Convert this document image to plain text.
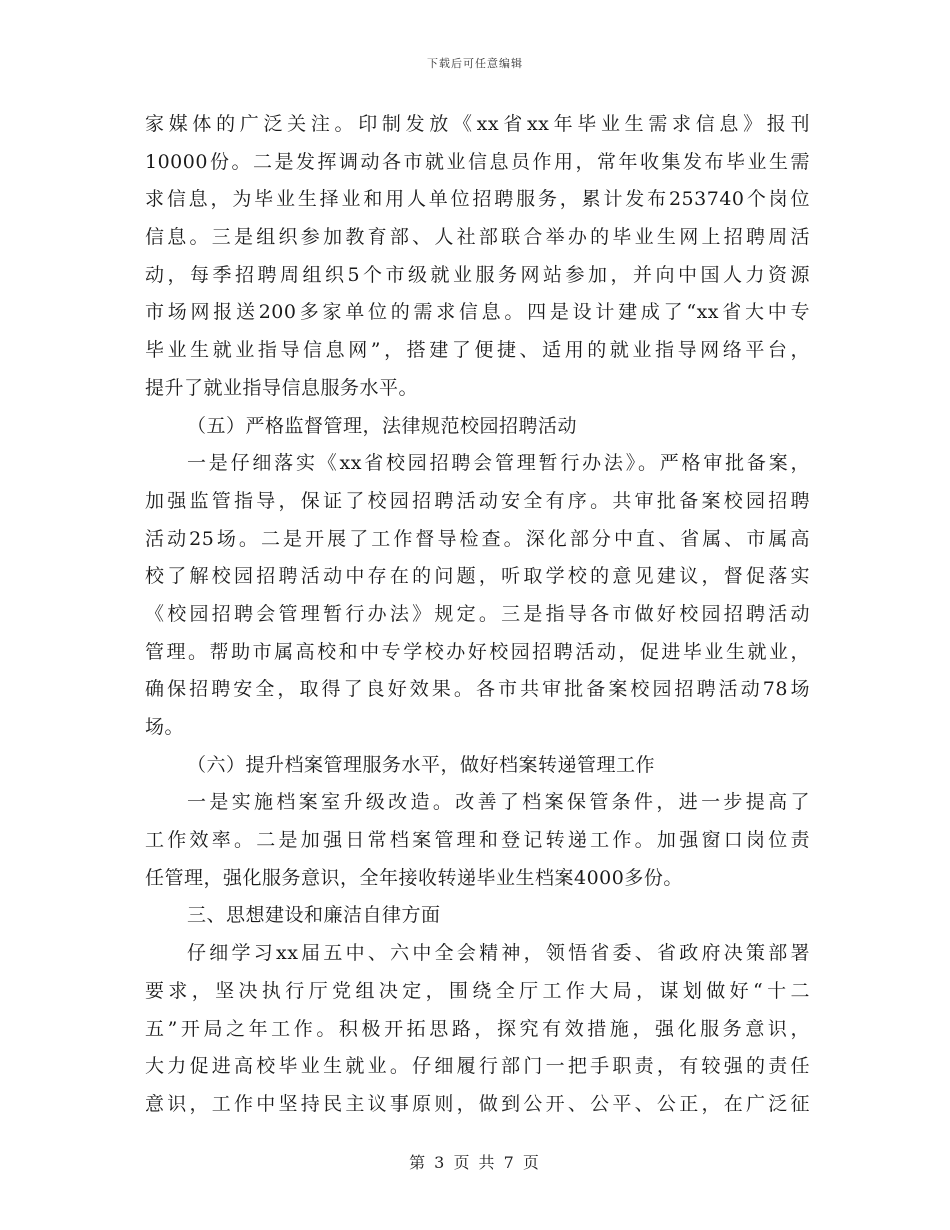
下载后可任意编辑
家媒体的广泛关注。印制发放《xx省xx年毕业生需求信息》报刊
10000份。二是发挥调动各市就业信息员作用，常年收集发布毕业生需
求信息，为毕业生择业和用人单位招聘服务，累计发布253740个岗位
信息。三是组织参加教育部、人社部联合举办的毕业生网上招聘周活
动，每季招聘周组织5个市级就业服务网站参加，并向中国人力资源
市场网报送200多家单位的需求信息。四是设计建成了“xx省大中专
毕业生就业指导信息网”，搭建了便捷、适用的就业指导网络平台，
提升了就业指导信息服务水平。
（五）严格监督管理，法律规范校园招聘活动
一是仔细落实《xx省校园招聘会管理暂行办法》。严格审批备案，
加强监管指导，保证了校园招聘活动安全有序。共审批备案校园招聘
活动25场。二是开展了工作督导检查。深化部分中直、省属、市属高
校了解校园招聘活动中存在的问题，听取学校的意见建议，督促落实
《校园招聘会管理暂行办法》规定。三是指导各市做好校园招聘活动
管理。帮助市属高校和中专学校办好校园招聘活动，促进毕业生就业，
确保招聘安全，取得了良好效果。各市共审批备案校园招聘活动78场
场。
（六）提升档案管理服务水平，做好档案转递管理工作
一是实施档案室升级改造。改善了档案保管条件，进一步提高了
工作效率。二是加强日常档案管理和登记转递工作。加强窗口岗位责
任管理，强化服务意识，全年接收转递毕业生档案4000多份。
三、思想建设和廉洁自律方面
仔细学习xx届五中、六中全会精神，领悟省委、省政府决策部署
要求，坚决执行厅党组决定，围绕全厅工作大局，谋划做好“十二
五”开局之年工作。积极开拓思路，探究有效措施，强化服务意识，
大力促进高校毕业生就业。仔细履行部门一把手职责，有较强的责任
意识，工作中坚持民主议事原则，做到公开、公平、公正，在广泛征
第 3 页 共 7 页
